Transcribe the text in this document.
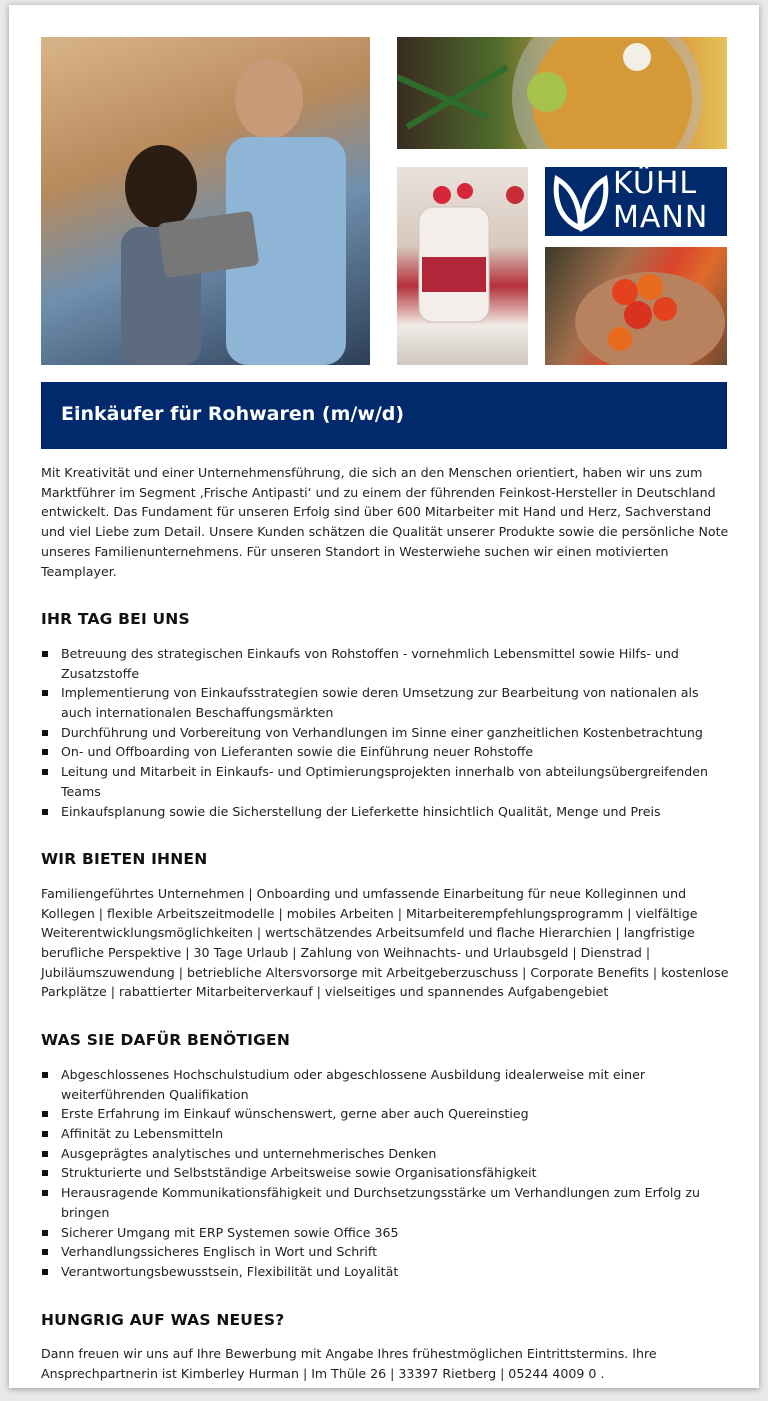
KÜHL
MANN
Einkäufer für Rohwaren (m/w/d)

Mit Kreativität und einer Unternehmensführung, die sich an den Menschen orientiert, haben wir uns zum Marktführer im Segment ‚Frische Antipasti‘ und zu einem der führenden Feinkost-Hersteller in Deutschland entwickelt. Das Fundament für unseren Erfolg sind über 600 Mitarbeiter mit Hand und Herz, Sachverstand und viel Liebe zum Detail. Unsere Kunden schätzen die Qualität unserer Produkte sowie die persönliche Note unseres Familienunternehmens. Für unseren Standort in Westerwiehe suchen wir einen motivierten Teamplayer.

IHR TAG BEI UNS
Betreuung des strategischen Einkaufs von Rohstoffen - vornehmlich Lebensmittel sowie Hilfs- und Zusatzstoffe
Implementierung von Einkaufsstrategien sowie deren Umsetzung zur Bearbeitung von nationalen als auch internationalen Beschaffungsmärkten
Durchführung und Vorbereitung von Verhandlungen im Sinne einer ganzheitlichen Kostenbetrachtung
On- und Offboarding von Lieferanten sowie die Einführung neuer Rohstoffe
Leitung und Mitarbeit in Einkaufs- und Optimierungsprojekten innerhalb von abteilungsübergreifenden Teams
Einkaufsplanung sowie die Sicherstellung der Lieferkette hinsichtlich Qualität, Menge und Preis
WIR BIETEN IHNEN

Familiengeführtes Unternehmen | Onboarding und umfassende Einarbeitung für neue Kolleginnen und Kollegen | flexible Arbeitszeitmodelle | mobiles Arbeiten | Mitarbeiterempfehlungsprogramm | vielfältige Weiterentwicklungsmöglichkeiten | wertschätzendes Arbeitsumfeld und flache Hierarchien | langfristige berufliche Perspektive | 30 Tage Urlaub | Zahlung von Weihnachts- und Urlaubsgeld | Dienstrad | Jubiläumszuwendung | betriebliche Altersvorsorge mit Arbeitgeberzuschuss | Corporate Benefits | kostenlose Parkplätze | rabattierter Mitarbeiterverkauf | vielseitiges und spannendes Aufgabengebiet

WAS SIE DAFÜR BENÖTIGEN
Abgeschlossenes Hochschulstudium oder abgeschlossene Ausbildung idealerweise mit einer weiterführenden Qualifikation
Erste Erfahrung im Einkauf wünschenswert, gerne aber auch Quereinstieg
Affinität zu Lebensmitteln
Ausgeprägtes analytisches und unternehmerisches Denken
Strukturierte und Selbstständige Arbeitsweise sowie Organisationsfähigkeit
Herausragende Kommunikationsfähigkeit und Durchsetzungsstärke um Verhandlungen zum Erfolg zu bringen
Sicherer Umgang mit ERP Systemen sowie Office 365
Verhandlungssicheres Englisch in Wort und Schrift
Verantwortungsbewusstsein, Flexibilität und Loyalität
HUNGRIG AUF WAS NEUES?

Dann freuen wir uns auf Ihre Bewerbung mit Angabe Ihres frühestmöglichen Eintrittstermins. Ihre Ansprechpartnerin ist Kimberley Hurman | Im Thüle 26 | 33397 Rietberg | 05244 4009 0 .
